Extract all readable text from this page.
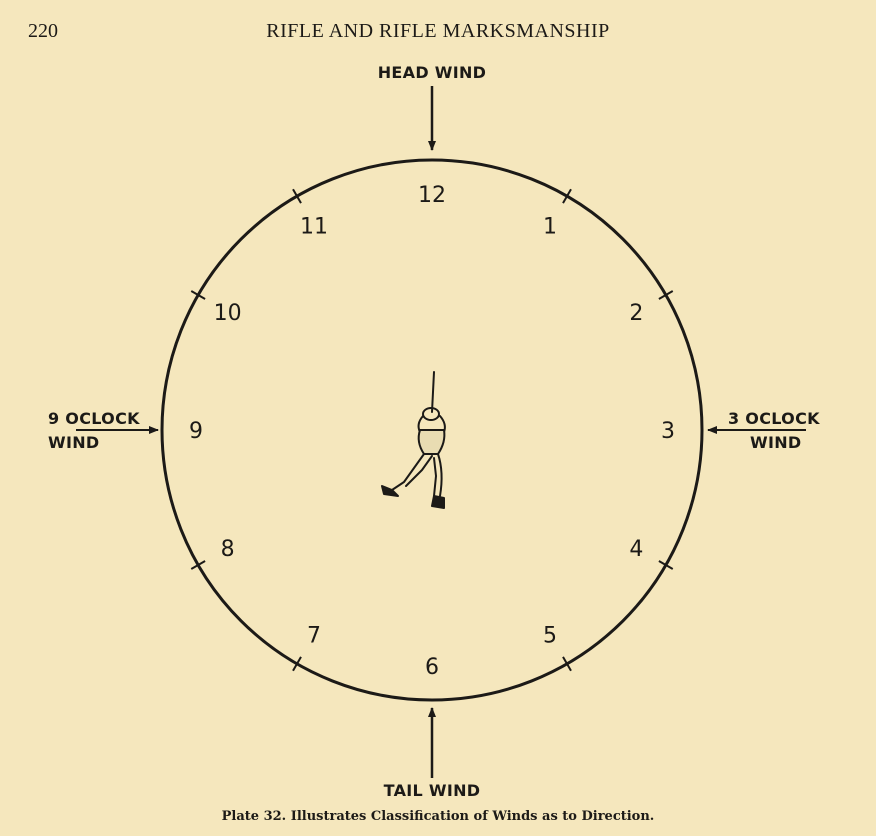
220	RIFLE AND RIFLE MARKSMANSHIP
12
1
2
3
4
5
6
7
8
9
10
11
HEAD WIND
TAIL WIND
9 OCLOCK
WIND
3 OCLOCK
WIND
Plate 32. Illustrates Classification of Winds as to Direction.
